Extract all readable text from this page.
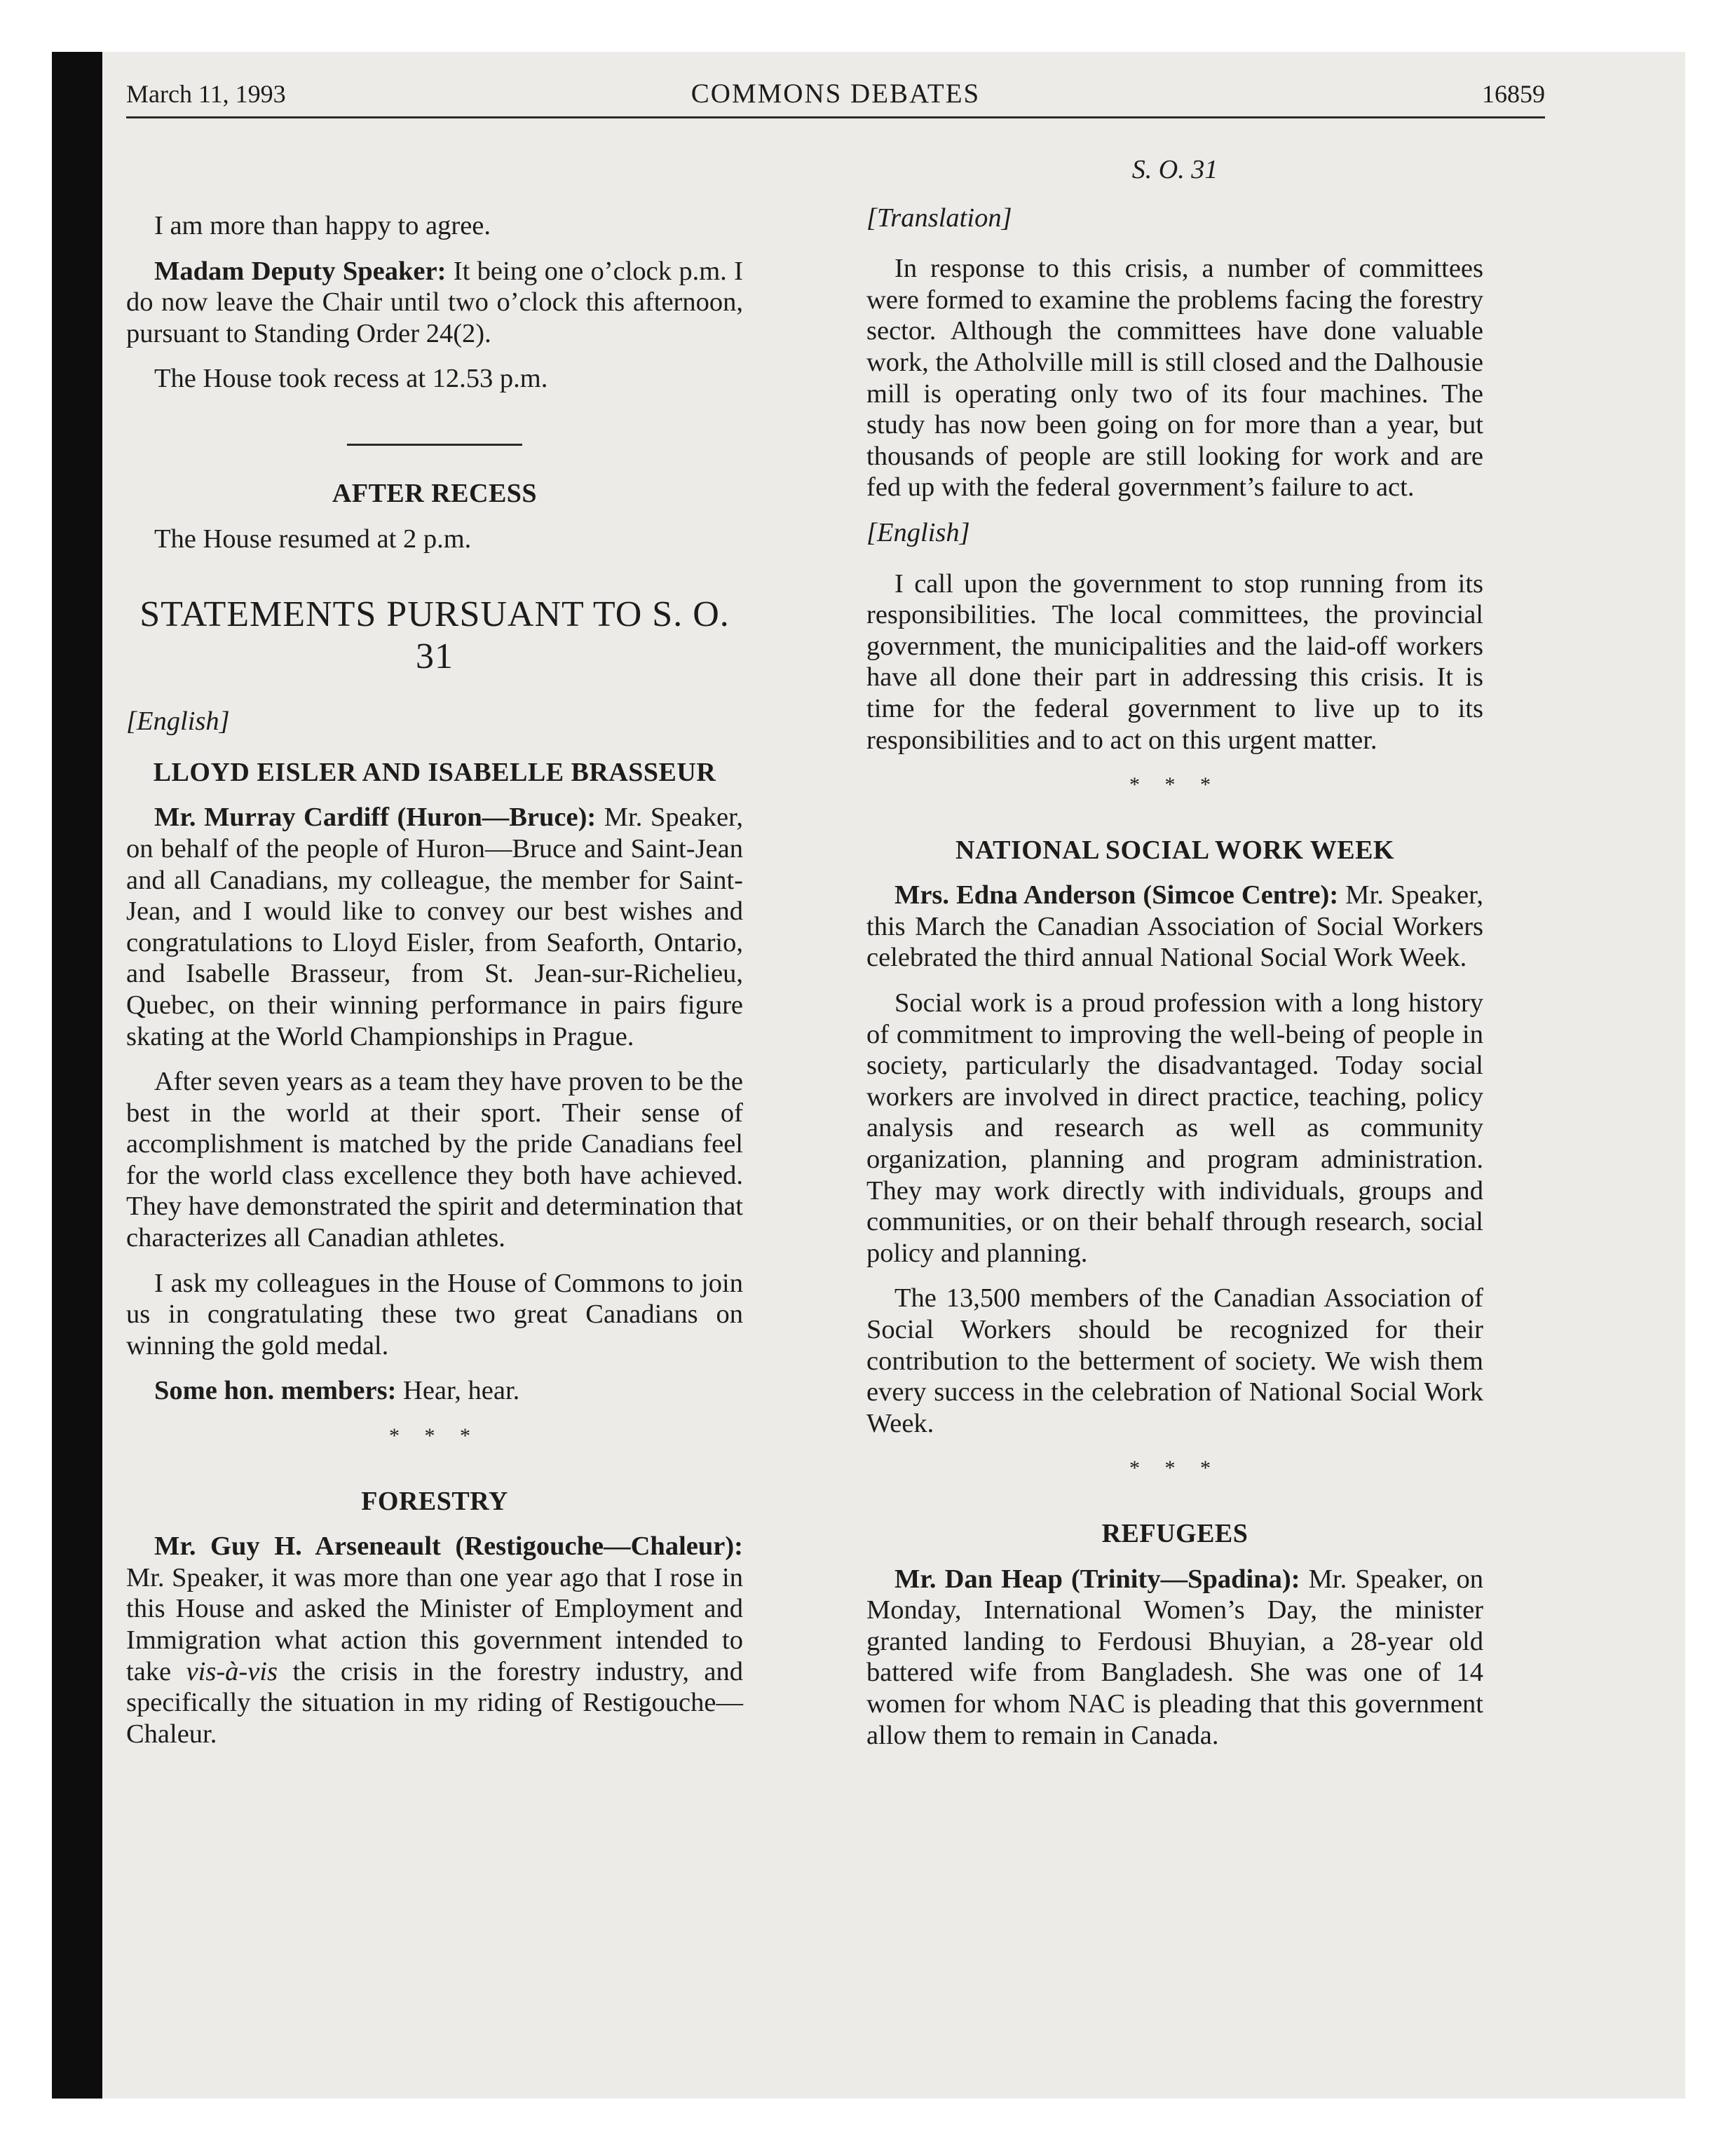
March 11, 1993	COMMONS DEBATES	16859

I am more than happy to agree.

Madam Deputy Speaker: It being one o’clock p.m. I do now leave the Chair until two o’clock this afternoon, pursuant to Standing Order 24(2).

The House took recess at 12.53 p.m.

AFTER RECESS

The House resumed at 2 p.m.

STATEMENTS PURSUANT TO S. O. 31

[English]

LLOYD EISLER AND ISABELLE BRASSEUR

Mr. Murray Cardiff (Huron—Bruce): Mr. Speaker, on behalf of the people of Huron—Bruce and Saint-Jean and all Canadians, my colleague, the member for Saint-Jean, and I would like to convey our best wishes and congratulations to Lloyd Eisler, from Seaforth, Ontario, and Isabelle Brasseur, from St. Jean-sur-Richelieu, Quebec, on their winning performance in pairs figure skating at the World Championships in Prague.

After seven years as a team they have proven to be the best in the world at their sport. Their sense of accomplishment is matched by the pride Canadians feel for the world class excellence they both have achieved. They have demonstrated the spirit and determination that characterizes all Canadian athletes.

I ask my colleagues in the House of Commons to join us in congratulating these two great Canadians on winning the gold medal.

Some hon. members: Hear, hear.

* * *
FORESTRY

Mr. Guy H. Arseneault (Restigouche—Chaleur): Mr. Speaker, it was more than one year ago that I rose in this House and asked the Minister of Employment and Immigration what action this government intended to take vis-à-vis the crisis in the forestry industry, and specifically the situation in my riding of Restigouche—Chaleur.

S. O. 31

[Translation]

In response to this crisis, a number of committees were formed to examine the problems facing the forestry sector. Although the committees have done valuable work, the Atholville mill is still closed and the Dalhousie mill is operating only two of its four machines. The study has now been going on for more than a year, but thousands of people are still looking for work and are fed up with the federal government’s failure to act.

[English]

I call upon the government to stop running from its responsibilities. The local committees, the provincial government, the municipalities and the laid-off workers have all done their part in addressing this crisis. It is time for the federal government to live up to its responsibilities and to act on this urgent matter.

* * *
NATIONAL SOCIAL WORK WEEK

Mrs. Edna Anderson (Simcoe Centre): Mr. Speaker, this March the Canadian Association of Social Workers celebrated the third annual National Social Work Week.

Social work is a proud profession with a long history of commitment to improving the well-being of people in society, particularly the disadvantaged. Today social workers are involved in direct practice, teaching, policy analysis and research as well as community organization, planning and program administration. They may work directly with individuals, groups and communities, or on their behalf through research, social policy and planning.

The 13,500 members of the Canadian Association of Social Workers should be recognized for their contribution to the betterment of society. We wish them every success in the celebration of National Social Work Week.

* * *
REFUGEES

Mr. Dan Heap (Trinity—Spadina): Mr. Speaker, on Monday, International Women’s Day, the minister granted landing to Ferdousi Bhuyian, a 28-year old battered wife from Bangladesh. She was one of 14 women for whom NAC is pleading that this government allow them to remain in Canada.
